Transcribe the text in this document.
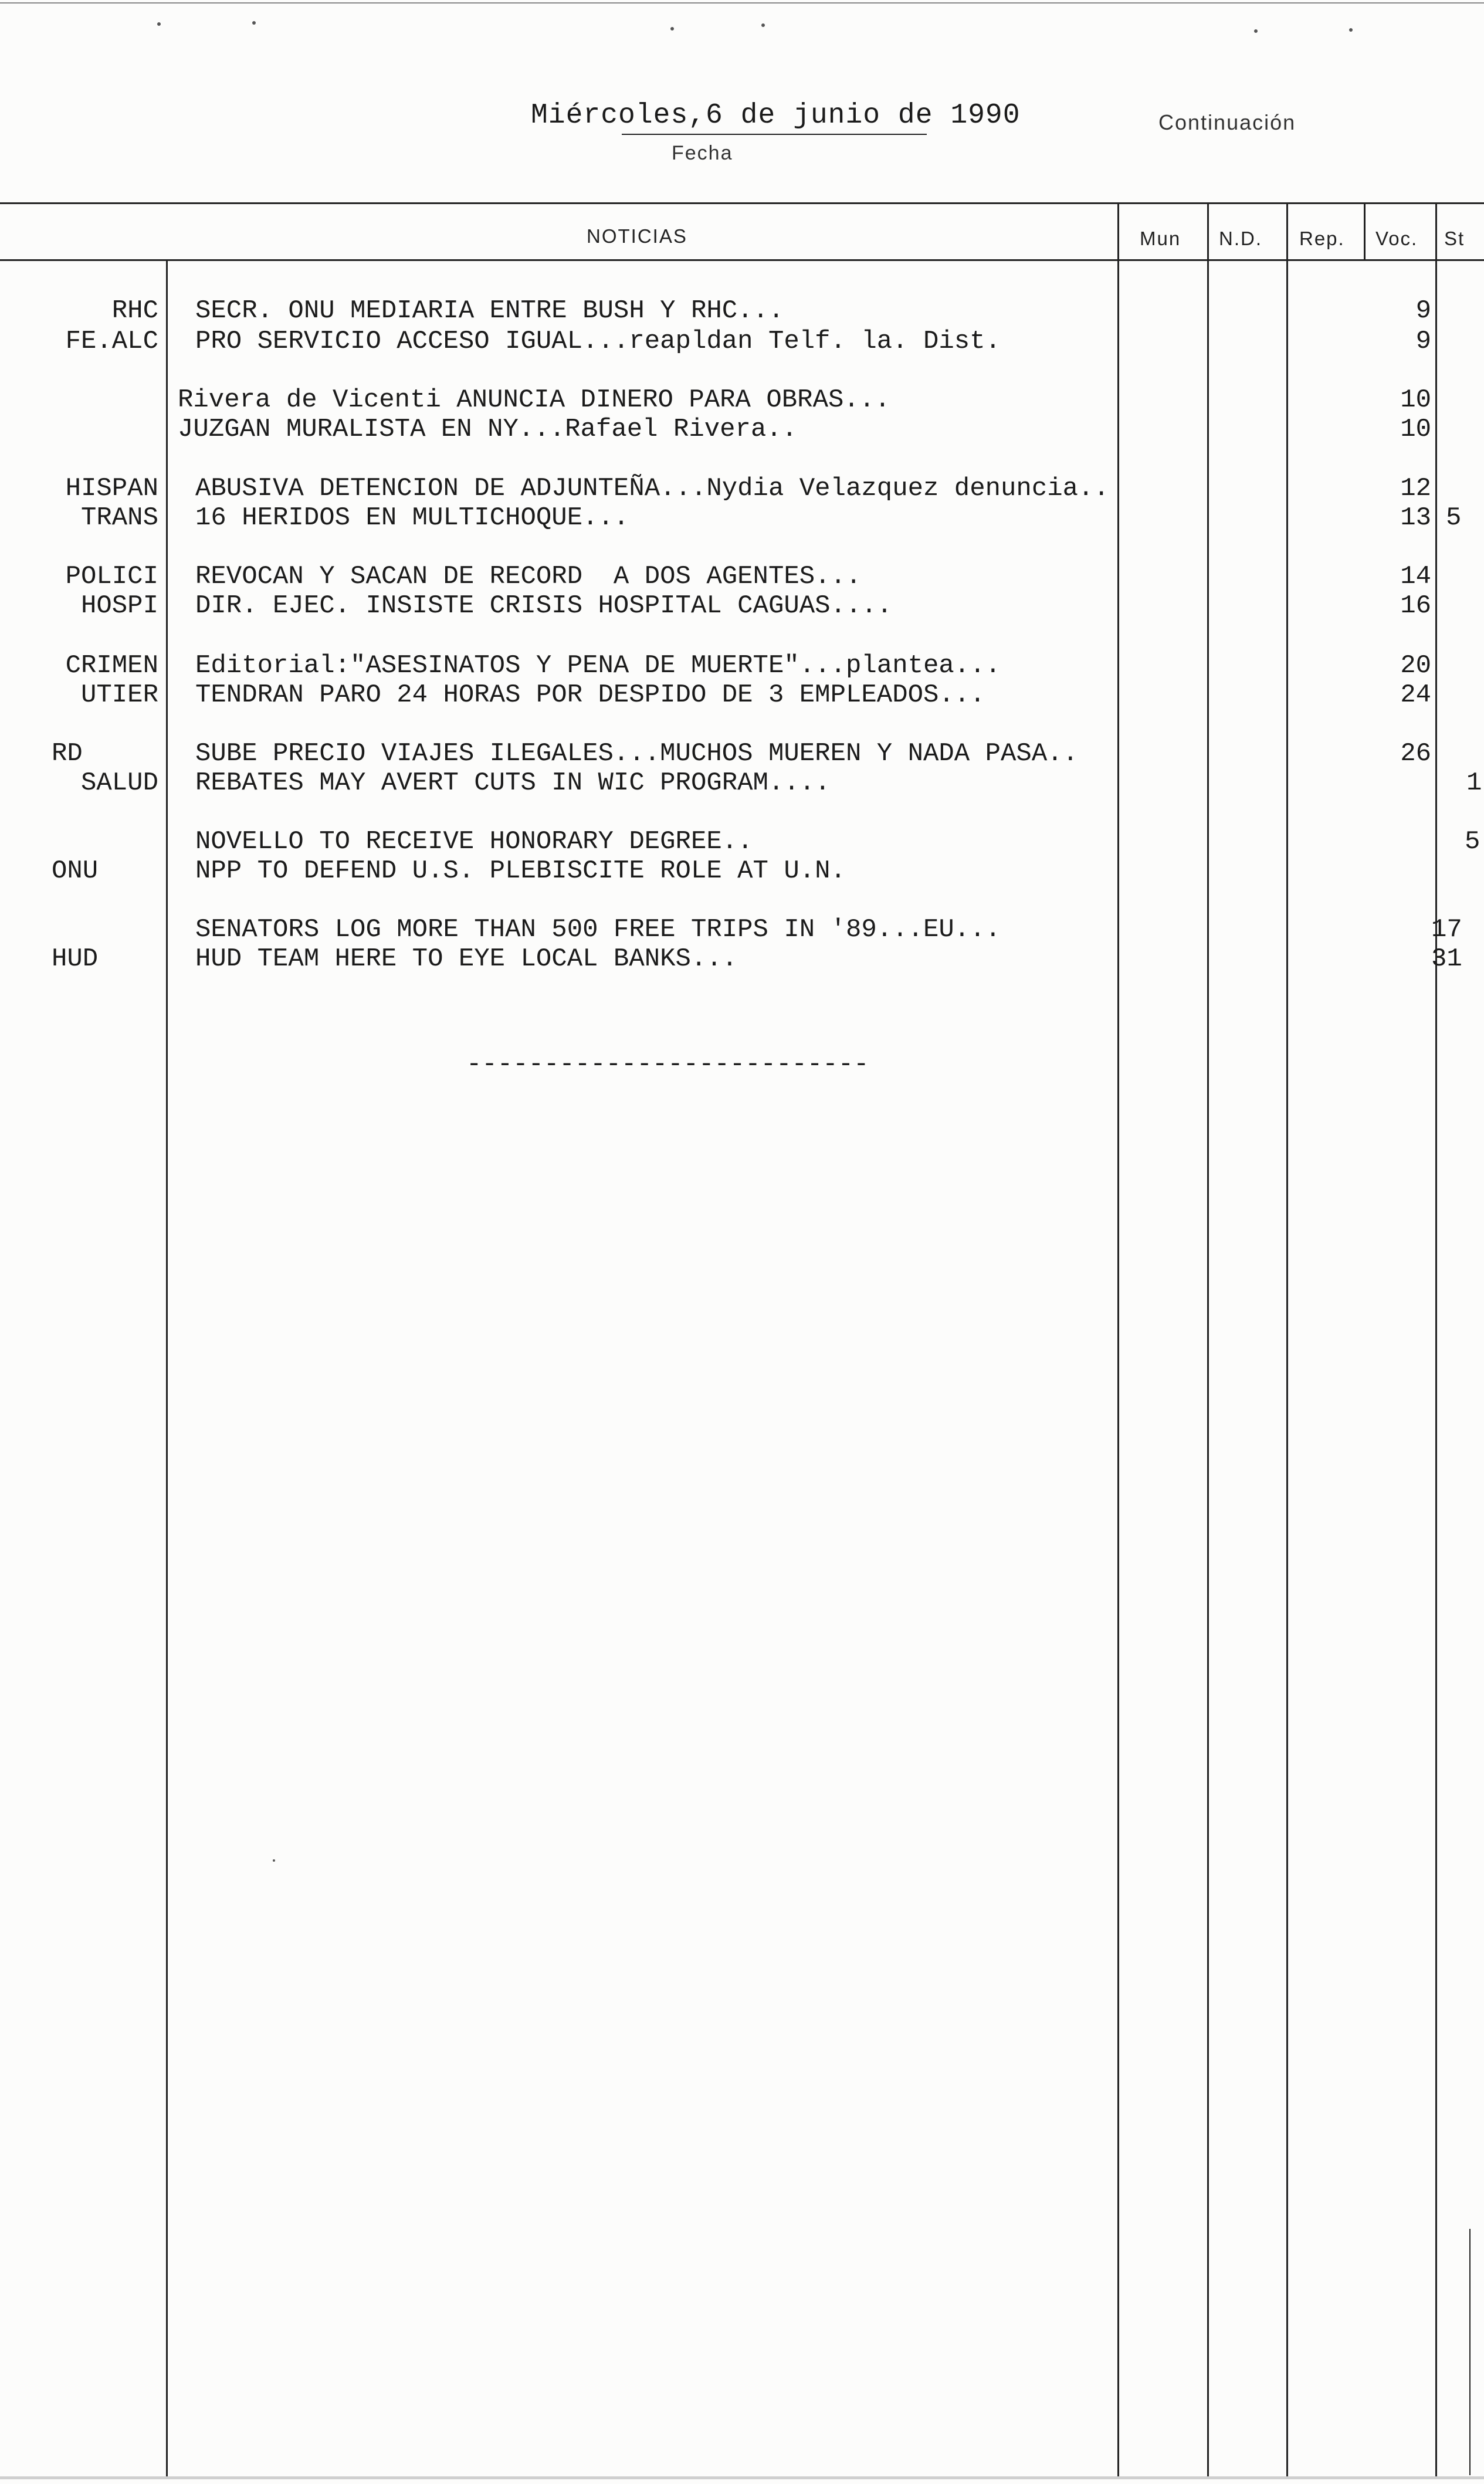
Miércoles,6 de junio de 1990
Fecha
Continuación
NOTICIAS	Mun N.D. Rep. Voc. St
RHC SECR. ONU MEDIARIA ENTRE BUSH Y RHC...	9
FE.ALC PRO SERVICIO ACCESO IGUAL...reapldan Telf. la. Dist.	9
Rivera de Vicenti ANUNCIA DINERO PARA OBRAS...	10
JUZGAN MURALISTA EN NY...Rafael Rivera..	10
HISPAN ABUSIVA DETENCION DE ADJUNTEÑA...Nydia Velazquez denuncia..	12
TRANS 16 HERIDOS EN MULTICHOQUE...	13 5
POLICI REVOCAN Y SACAN DE RECORD  A DOS AGENTES...	14
HOSPI DIR. EJEC. INSISTE CRISIS HOSPITAL CAGUAS....	16
CRIMEN Editorial:"ASESINATOS Y PENA DE MUERTE"...plantea...	20
UTIER TENDRAN PARO 24 HORAS POR DESPIDO DE 3 EMPLEADOS...	24
RD	SUBE PRECIO VIAJES ILEGALES...MUCHOS MUEREN Y NADA PASA..	26
SALUD REBATES MAY AVERT CUTS IN WIC PROGRAM....	1
NOVELLO TO RECEIVE HONORARY DEGREE..	5
ONU	NPP TO DEFEND U.S. PLEBISCITE ROLE AT U.N.
SENATORS LOG MORE THAN 500 FREE TRIPS IN '89...EU...	17
HUD	HUD TEAM HERE TO EYE LOCAL BANKS...	31
--------------------------
